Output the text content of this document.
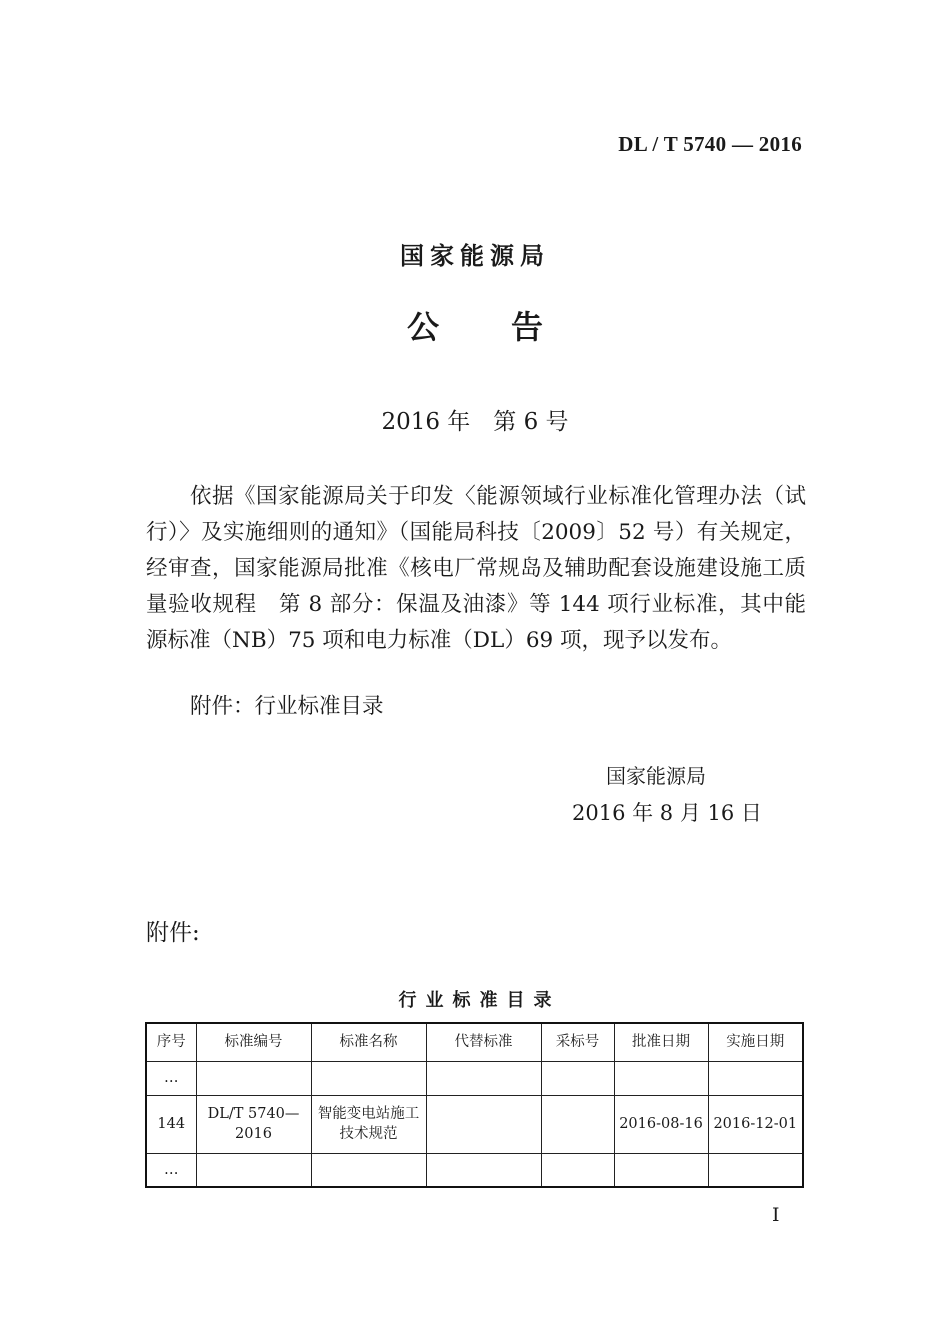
DL / T 5740 — 2016
国家能源局
公告
2016 年　第 6 号
依据《国家能源局关于印发〈能源领域行业标准化管理办法（试行）〉及实施细则的通知》（国能局科技〔2009〕52 号）有关规定，经审查，国家能源局批准《核电厂常规岛及辅助配套设施建设施工质量验收规程　第 8 部分：保温及油漆》等 144 项行业标准，其中能源标准（NB）75 项和电力标准（DL）69 项，现予以发布。
附件：行业标准目录
国家能源局
2016 年 8 月 16 日
附件:
行业标准目录
序号	标准编号	标准名称	代替标准	采标号	批准日期	实施日期
…						
144	DL/T 5740—2016	智能变电站施工技术规范			2016-08-16	2016-12-01
…						
I
